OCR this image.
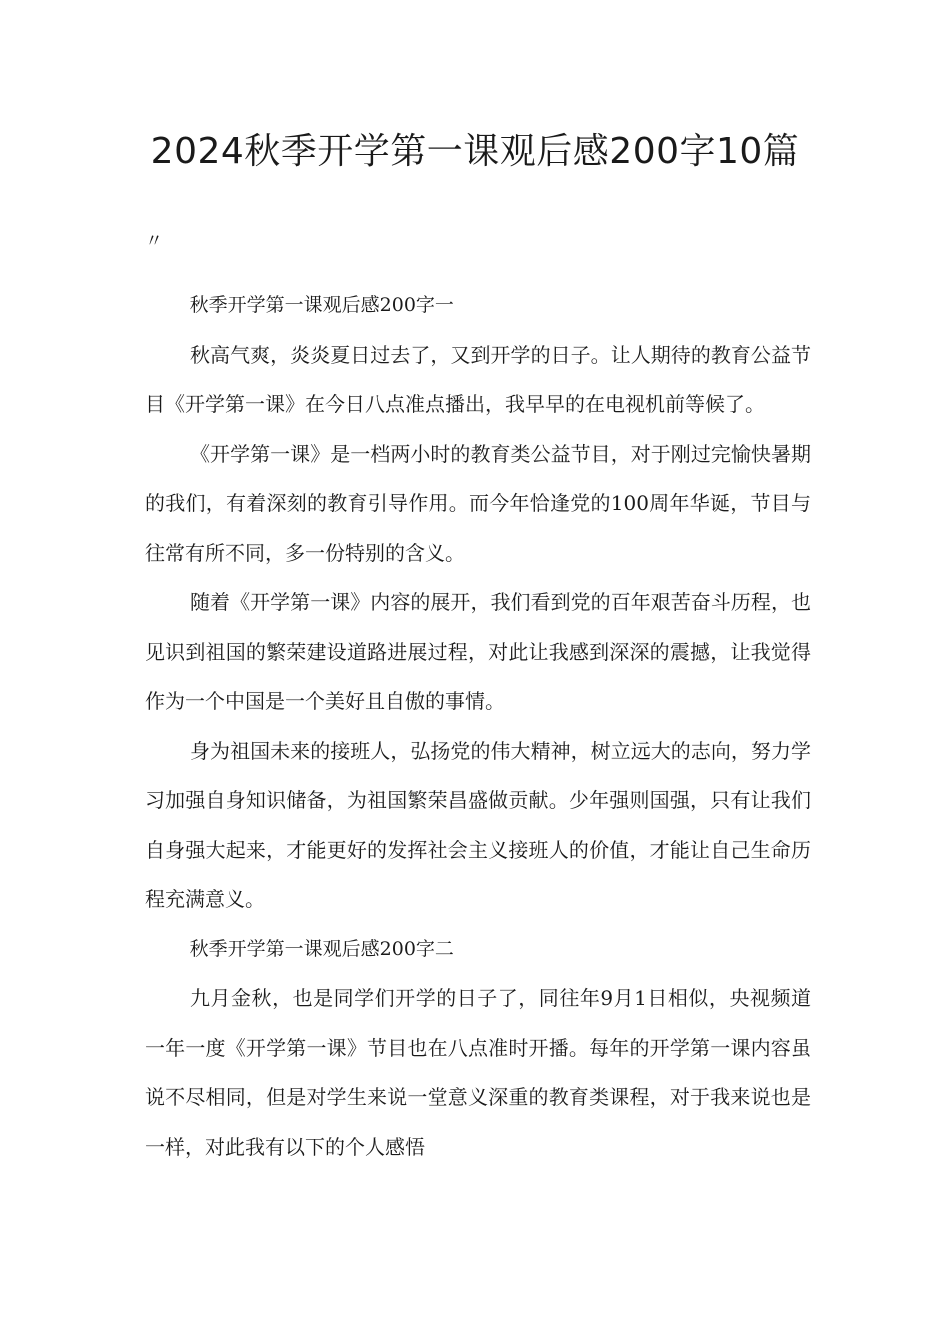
2024秋季开学第一课观后感200字10篇
〃

秋季开学第一课观后感200字一

秋高气爽，炎炎夏日过去了，又到开学的日子。让人期待的教育公益节目《开学第一课》在今日八点准点播出，我早早的在电视机前等候了。

《开学第一课》是一档两小时的教育类公益节目，对于刚过完愉快暑期的我们，有着深刻的教育引导作用。而今年恰逢党的100周年华诞，节目与往常有所不同，多一份特别的含义。

随着《开学第一课》内容的展开，我们看到党的百年艰苦奋斗历程，也见识到祖国的繁荣建设道路进展过程，对此让我感到深深的震撼，让我觉得作为一个中国是一个美好且自傲的事情。

身为祖国未来的接班人，弘扬党的伟大精神，树立远大的志向，努力学习加强自身知识储备，为祖国繁荣昌盛做贡献。少年强则国强，只有让我们自身强大起来，才能更好的发挥社会主义接班人的价值，才能让自己生命历程充满意义。

秋季开学第一课观后感200字二

九月金秋，也是同学们开学的日子了，同往年9月1日相似，央视频道一年一度《开学第一课》节目也在八点准时开播。每年的开学第一课内容虽说不尽相同，但是对学生来说一堂意义深重的教育类课程，对于我来说也是一样，对此我有以下的个人感悟
